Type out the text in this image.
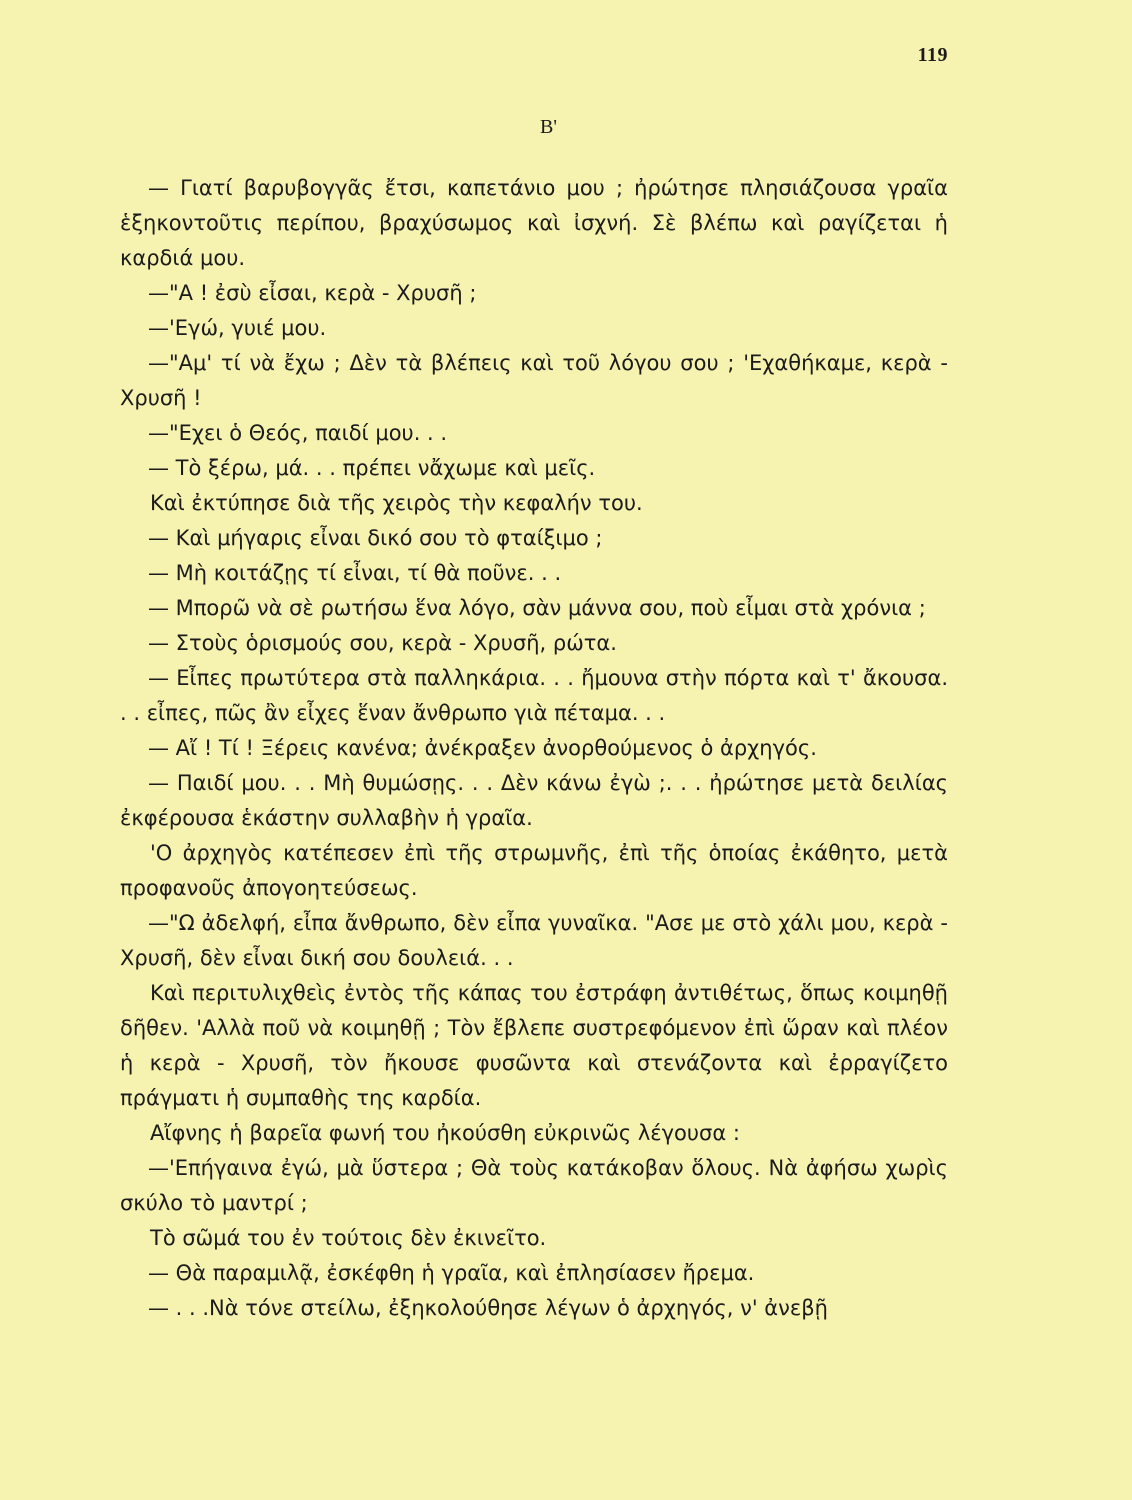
119
Β'

— Γιατί βαρυβογγᾶς ἔτσι, καπετάνιο μου ; ἠρώτησε πλησιάζουσα γραῖα ἑξηκοντοῦτις περίπου, βραχύσωμος καὶ ἰσχνή. Σὲ βλέπω καὶ ραγίζεται ἡ καρδιά μου.

—"Α ! ἐσὺ εἶσαι, κερὰ - Χρυσῆ ;

—'Εγώ, γυιέ μου.

—"Αμ' τί νὰ ἔχω ; Δὲν τὰ βλέπεις καὶ τοῦ λόγου σου ; 'Εχαθήκαμε, κερὰ - Χρυσῆ !

—"Εχει ὁ Θεός, παιδί μου. . .

— Τὸ ξέρω, μά. . . πρέπει νἄχωμε καὶ μεῖς.

Καὶ ἐκτύπησε διὰ τῆς χειρὸς τὴν κεφαλήν του.

— Καὶ μήγαρις εἶναι δικό σου τὸ φταίξιμο ;

— Μὴ κοιτάζῃς τί εἶναι, τί θὰ ποῦνε. . .

— Μπορῶ νὰ σὲ ρωτήσω ἕνα λόγο, σὰν μάννα σου, ποὺ εἶμαι στὰ χρόνια ;

— Στοὺς ὁρισμούς σου, κερὰ - Χρυσῆ, ρώτα.

— Εἶπες πρωτύτερα στὰ παλληκάρια. . . ἤμουνα στὴν πόρτα καὶ τ' ἄκουσα. . . εἶπες, πῶς ἂν εἶχες ἕναν ἄνθρωπο γιὰ πέταμα. . .

— Αἴ ! Τί ! Ξέρεις κανένα; ἀνέκραξεν ἀνορθούμενος ὁ ἀρχηγός.

— Παιδί μου. . . Μὴ θυμώσῃς. . . Δὲν κάνω ἐγὼ ;. . . ἠρώτησε μετὰ δειλίας ἐκφέρουσα ἑκάστην συλλαβὴν ἡ γραῖα.

'Ο ἀρχηγὸς κατέπεσεν ἐπὶ τῆς στρωμνῆς, ἐπὶ τῆς ὁποίας ἐκάθητο, μετὰ προφανοῦς ἀπογοητεύσεως.

—"Ω ἀδελφή, εἶπα ἄνθρωπο, δὲν εἶπα γυναῖκα. "Ασε με στὸ χάλι μου, κερὰ - Χρυσῆ, δὲν εἶναι δική σου δουλειά. . .

Καὶ περιτυλιχθεὶς ἐντὸς τῆς κάπας του ἐστράφη ἀντιθέτως, ὅπως κοιμηθῇ δῆθεν. 'Αλλὰ ποῦ νὰ κοιμηθῇ ; Τὸν ἔβλεπε συστρεφόμενον ἐπὶ ὥραν καὶ πλέον ἡ κερὰ - Χρυσῆ, τὸν ἤκουσε φυσῶντα καὶ στενάζοντα καὶ ἐρραγίζετο πράγματι ἡ συμπαθὴς της καρδία.

Αἴφνης ἡ βαρεῖα φωνή του ἠκούσθη εὐκρινῶς λέγουσα :

—'Επήγαινα ἐγώ, μὰ ὕστερα ; Θὰ τοὺς κατάκοβαν ὅλους. Νὰ ἀφήσω χωρὶς σκύλο τὸ μαντρί ;

Τὸ σῶμά του ἐν τούτοις δὲν ἐκινεῖτο.

— Θὰ παραμιλᾷ, ἐσκέφθη ἡ γραῖα, καὶ ἐπλησίασεν ἤρεμα.

— . . .Νὰ τόνε στείλω, ἐξηκολούθησε λέγων ὁ ἀρχηγός, ν' ἀνεβῇ
